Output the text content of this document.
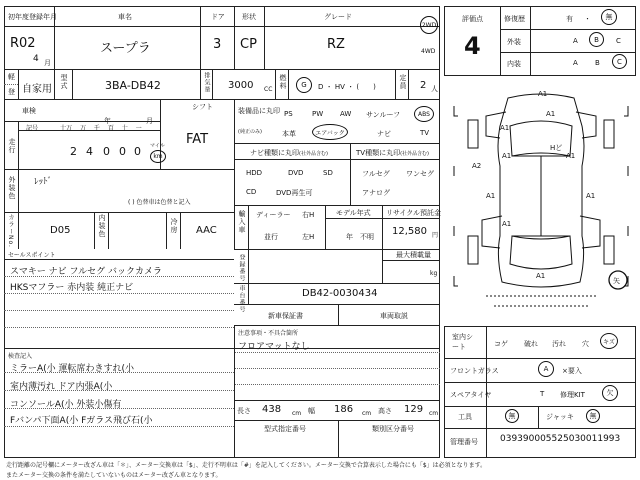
初年度登録年月
R02
4 月
車名
スープラ
ドア
3
形状
CP
グレード
RZ
2WD
4WD
軽
登 自家用 型式	3BA-DB42	排気量 3000 CC 燃料	G	D ・ HV ・ (　　 )	定員 2 人
評価点
4
修復歴	有 ・	無
外装	A	B	C
内装	A B	C
車検
年	月
シフト
FAT
走行
記号	十万 万 千 百 十 一
2 4 0 0 0 マイル
km
外装色 ﾚｯﾄﾞ
( ) 色替車は色替と記入
カラーNo.	D05	内装色	冷房 AAC
装備品に丸印
(純正のみ)
PS	PW AW サンルーフ	ABS
本革	エアバック	ナビ	TV
ナビ種類に丸印(社外品含む)
HDD	DVD	SD
CD	DVD再生可
TV種類に丸印(社外品含む)
フルセグ ワンセグ
アナログ
輸入車 ディーラー
並行
右H
左H
モデル年式
年　不明
リサイクル預託金
12,580 円
最大積載量
kg
セールスポイント
スマキー ナビ フルセグ バックカメラ
HKSマフラー 赤内装 純正ナビ
登録番号
車台番号	DB42-0030434
新車保証書	車両取説
注意事項・不具合箇所
フロアマットなし
検査記入
ミラーA(小 運転席わきすれ(小
室内薄汚れ ドア内張A(小
コンソールA(小 外装小傷有
Fバンパ下面A(小 Fガラス飛び石(小
長さ 438 cm 幅 186 cm 高さ 129 cm
型式指定番号	類別区分番号
A1
A1
A1
A2
A1	A1
Hど
A1	A1
A1
A1
矢
室内シート	コゲ 破れ 汚れ 穴	キズ
フロントガラス	A	×要入
スペアタイヤ	T 修理KIT	欠
工具	無	ジャッキ	無
管理番号 039390005525030011993
走行距離の記号欄にメーター改ざん車は「＊」、メーター交換車は「$」、走行不明車は「#」を記入してください。メーター交換で合算表示した場合にも「$」は必須となります。
またメーター交換の条件を満たしていないものはメーター改ざん車となります。
